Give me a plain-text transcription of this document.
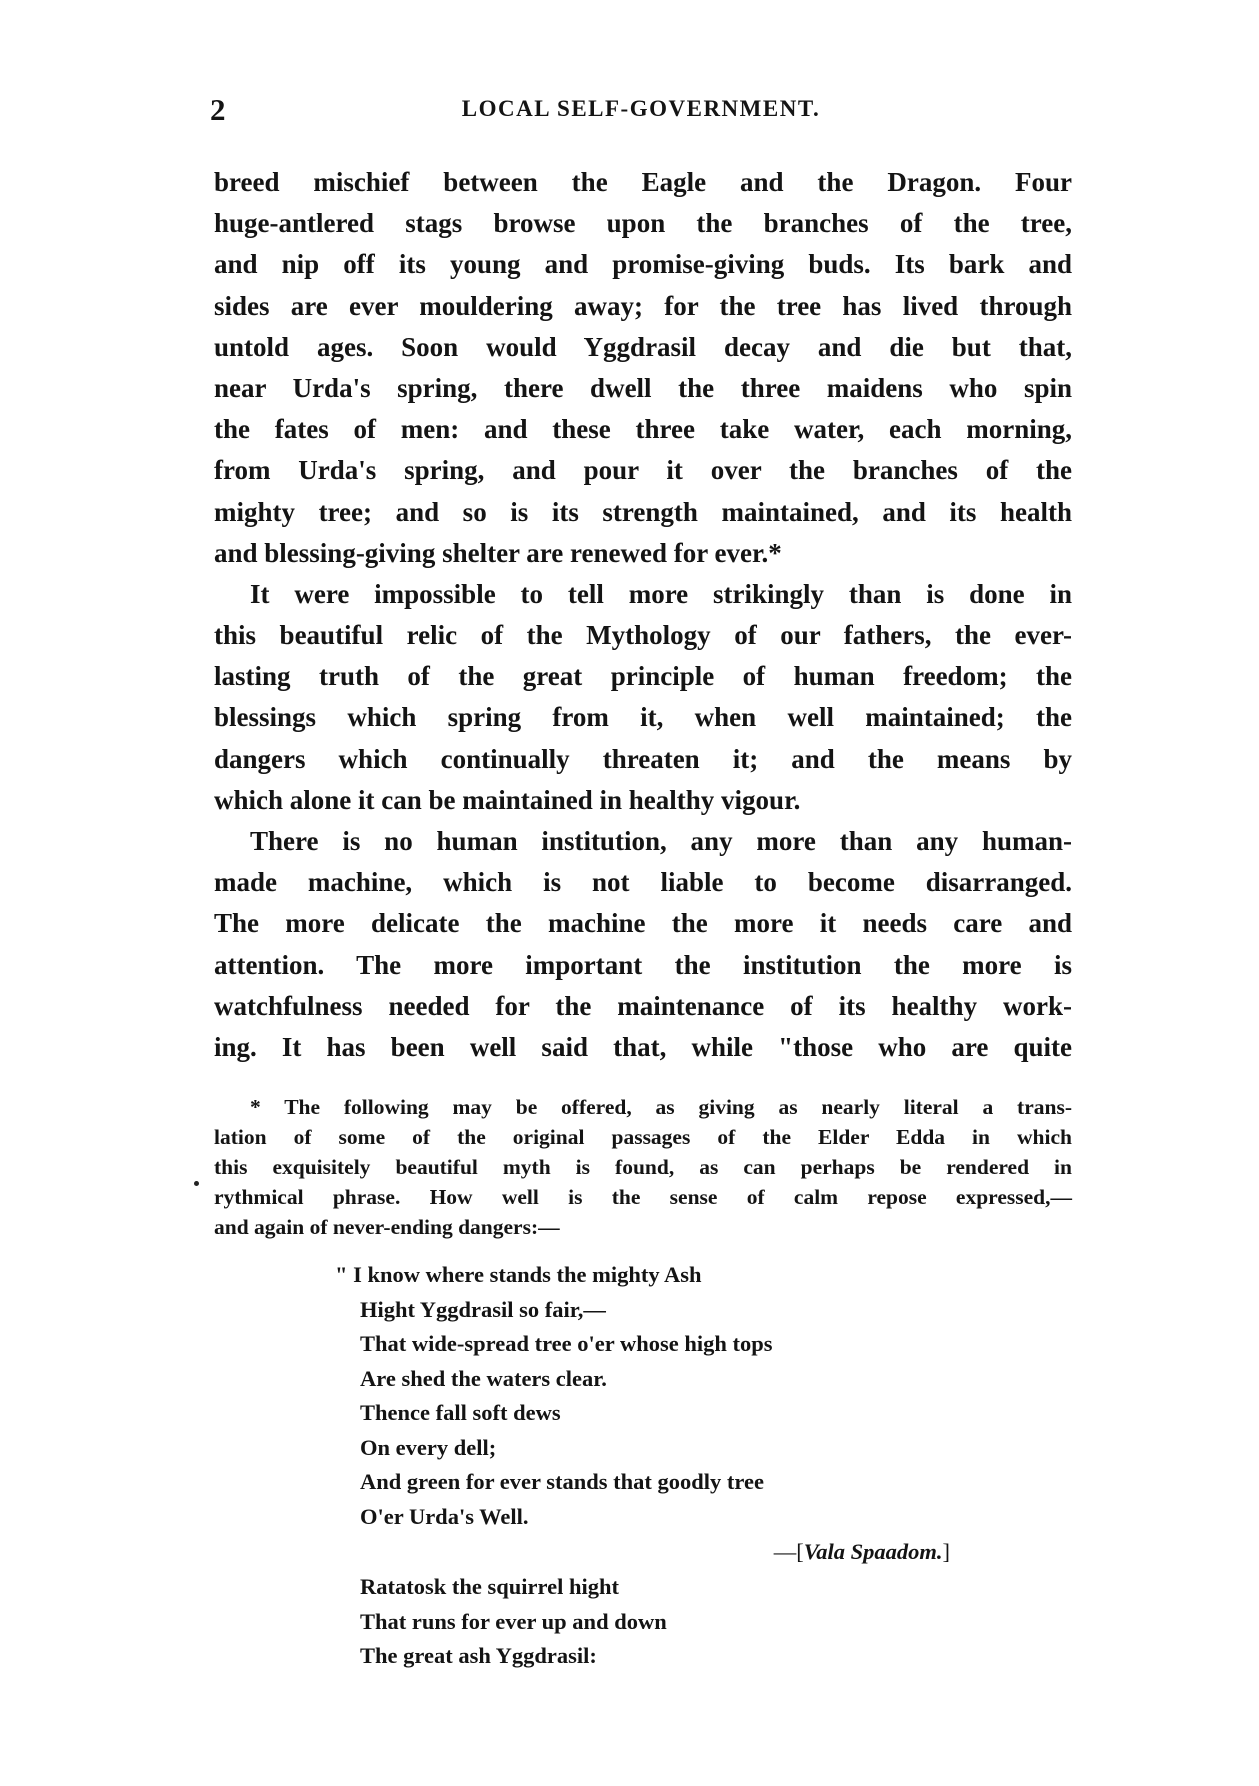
2	LOCAL SELF-GOVERNMENT.
breed mischief between the Eagle and the Dragon. Four
huge-antlered stags browse upon the branches of the tree,
and nip off its young and promise-giving buds. Its bark and
sides are ever mouldering away; for the tree has lived through
untold ages. Soon would Yggdrasil decay and die but that,
near Urda's spring, there dwell the three maidens who spin
the fates of men: and these three take water, each morning,
from Urda's spring, and pour it over the branches of the
mighty tree; and so is its strength maintained, and its health
and blessing-giving shelter are renewed for ever.*
It were impossible to tell more strikingly than is done in
this beautiful relic of the Mythology of our fathers, the ever-
lasting truth of the great principle of human freedom; the
blessings which spring from it, when well maintained; the
dangers which continually threaten it; and the means by
which alone it can be maintained in healthy vigour.
There is no human institution, any more than any human-
made machine, which is not liable to become disarranged.
The more delicate the machine the more it needs care and
attention. The more important the institution the more is
watchfulness needed for the maintenance of its healthy work-
ing. It has been well said that, while "those who are quite
* The following may be offered, as giving as nearly literal a trans-
lation of some of the original passages of the Elder Edda in which
this exquisitely beautiful myth is found, as can perhaps be rendered in
rythmical phrase. How well is the sense of calm repose expressed,—
and again of never-ending dangers:—
" I know where stands the mighty Ash
Hight Yggdrasil so fair,—
That wide-spread tree o'er whose high tops
Are shed the waters clear.
Thence fall soft dews
On every dell;
And green for ever stands that goodly tree
O'er Urda's Well.
—[Vala Spaadom.]
Ratatosk the squirrel hight
That runs for ever up and down
The great ash Yggdrasil:
